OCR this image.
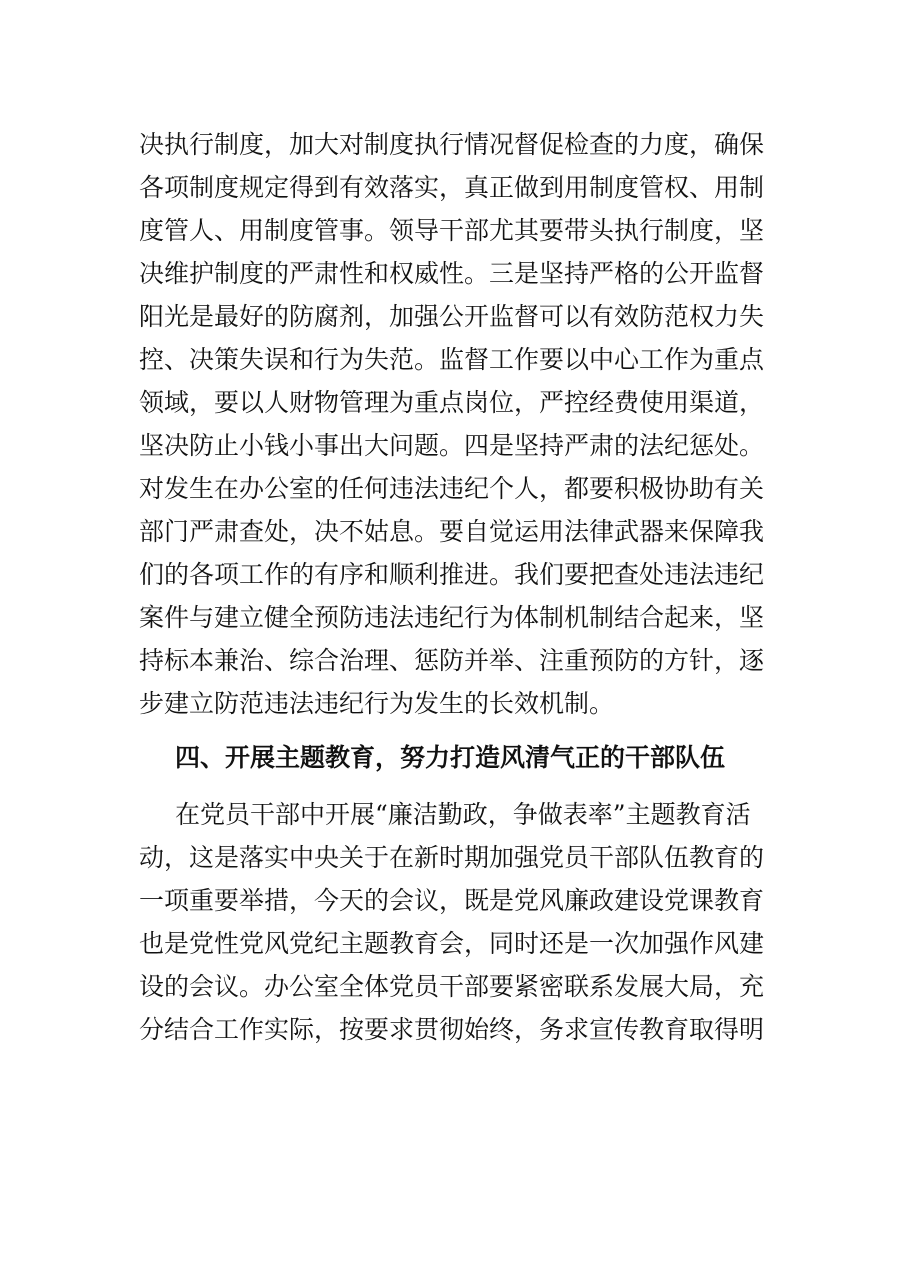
决执行制度，加大对制度执行情况督促检查的力度，确保
各项制度规定得到有效落实，真正做到用制度管权、用制
度管人、用制度管事。领导干部尤其要带头执行制度，坚
决维护制度的严肃性和权威性。三是坚持严格的公开监督
阳光是最好的防腐剂，加强公开监督可以有效防范权力失
控、决策失误和行为失范。监督工作要以中心工作为重点
领域，要以人财物管理为重点岗位，严控经费使用渠道，
坚决防止小钱小事出大问题。四是坚持严肃的法纪惩处。
对发生在办公室的任何违法违纪个人，都要积极协助有关
部门严肃查处，决不姑息。要自觉运用法律武器来保障我
们的各项工作的有序和顺利推进。我们要把查处违法违纪
案件与建立健全预防违法违纪行为体制机制结合起来，坚
持标本兼治、综合治理、惩防并举、注重预防的方针，逐
步建立防范违法违纪行为发生的长效机制。
四、开展主题教育，努力打造风清气正的干部队伍
在党员干部中开展“廉洁勤政，争做表率”主题教育活
动，这是落实中央关于在新时期加强党员干部队伍教育的
一项重要举措，今天的会议，既是党风廉政建设党课教育
也是党性党风党纪主题教育会，同时还是一次加强作风建
设的会议。办公室全体党员干部要紧密联系发展大局，充
分结合工作实际，按要求贯彻始终，务求宣传教育取得明
